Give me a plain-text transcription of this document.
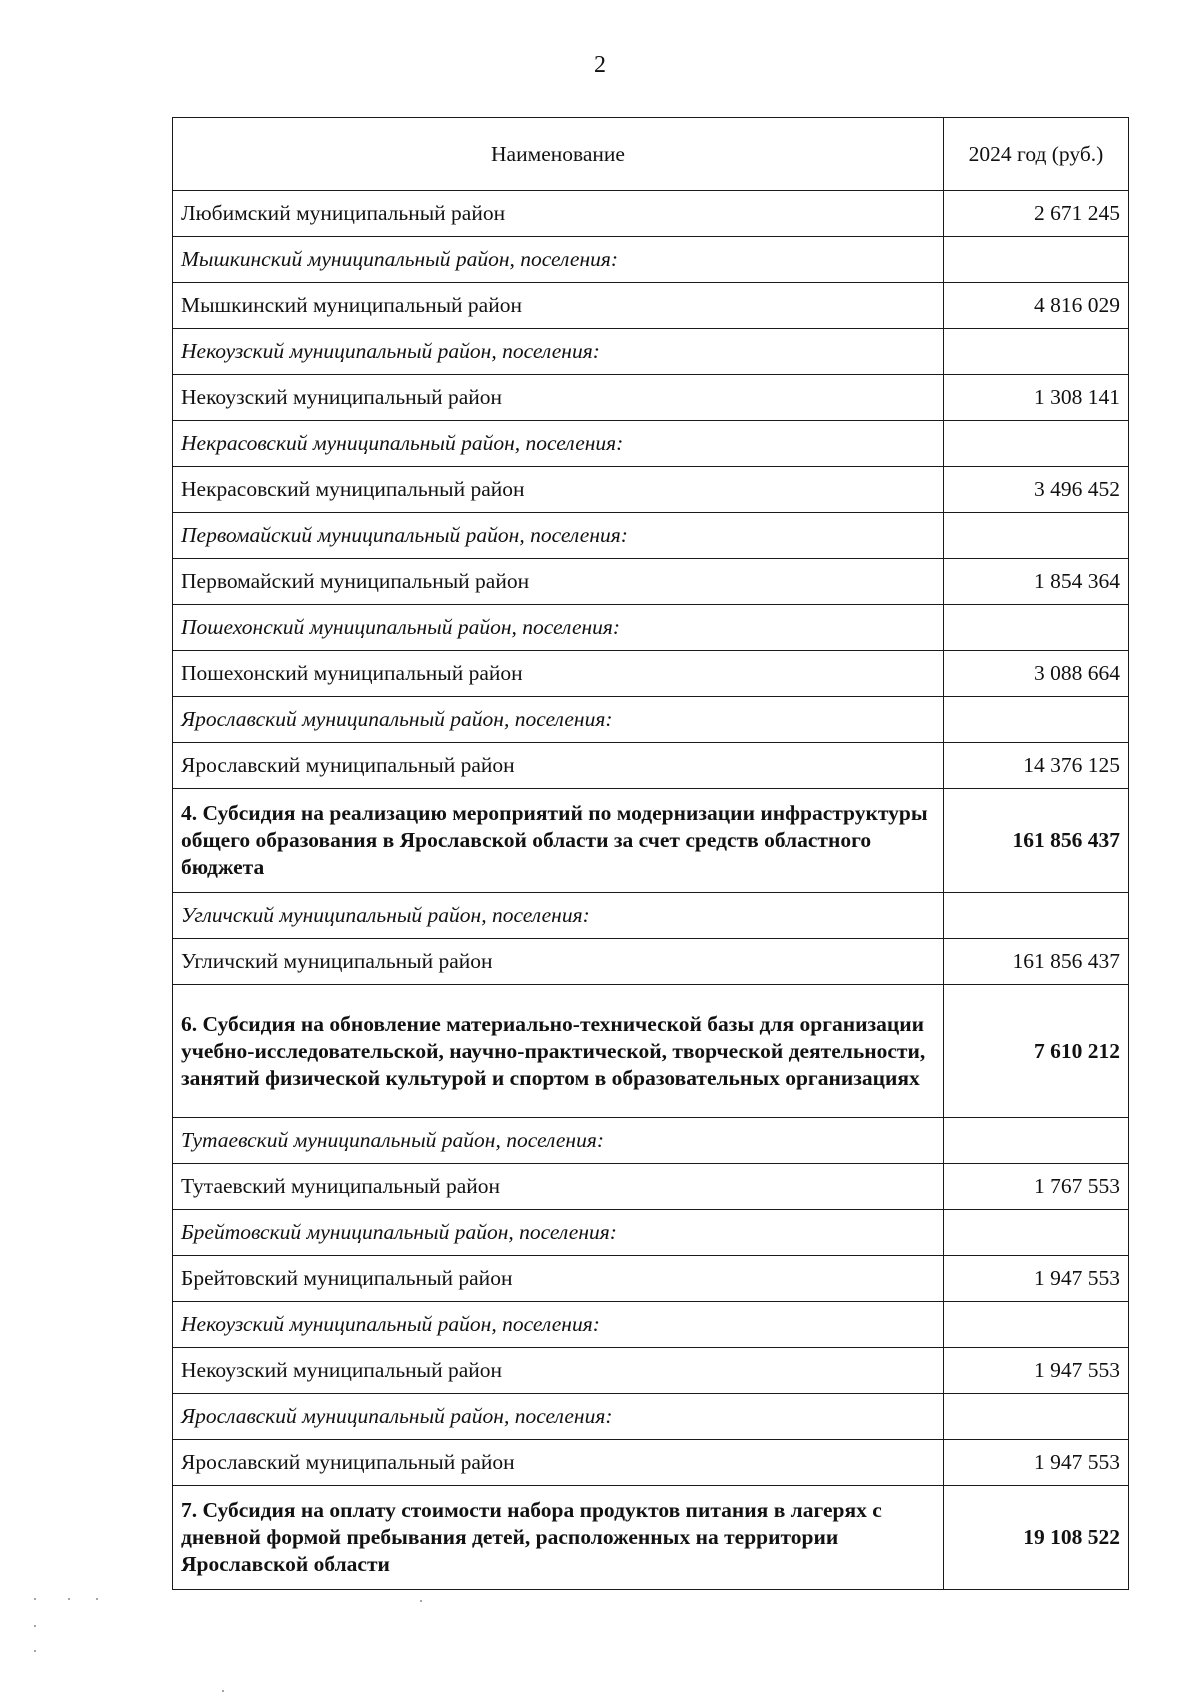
2
Наименование	2024 год (руб.)
Любимский муниципальный район	2 671 245
Мышкинский муниципальный район, поселения:	
Мышкинский муниципальный район	4 816 029
Некоузский муниципальный район, поселения:	
Некоузский муниципальный район	1 308 141
Некрасовский муниципальный район, поселения:	
Некрасовский муниципальный район	3 496 452
Первомайский муниципальный район, поселения:	
Первомайский муниципальный район	1 854 364
Пошехонский муниципальный район, поселения:	
Пошехонский муниципальный район	3 088 664
Ярославский муниципальный район, поселения:	
Ярославский муниципальный район	14 376 125
4. Субсидия на реализацию мероприятий по модернизации инфраструктуры общего образования в Ярославской области за счет средств областного бюджета	161 856 437
Угличский муниципальный район, поселения:	
Угличский муниципальный район	161 856 437
6. Субсидия на обновление материально-технической базы для организации учебно-исследовательской, научно-практической, творческой деятельности, занятий физической культурой и спортом в образовательных организациях	7 610 212
Тутаевский муниципальный район, поселения:	
Тутаевский муниципальный район	1 767 553
Брейтовский муниципальный район, поселения:	
Брейтовский муниципальный район	1 947 553
Некоузский муниципальный район, поселения:	
Некоузский муниципальный район	1 947 553
Ярославский муниципальный район, поселения:	
Ярославский муниципальный район	1 947 553
7. Субсидия на оплату стоимости набора продуктов питания в лагерях с дневной формой пребывания детей, расположенных на территории Ярославской области	19 108 522
